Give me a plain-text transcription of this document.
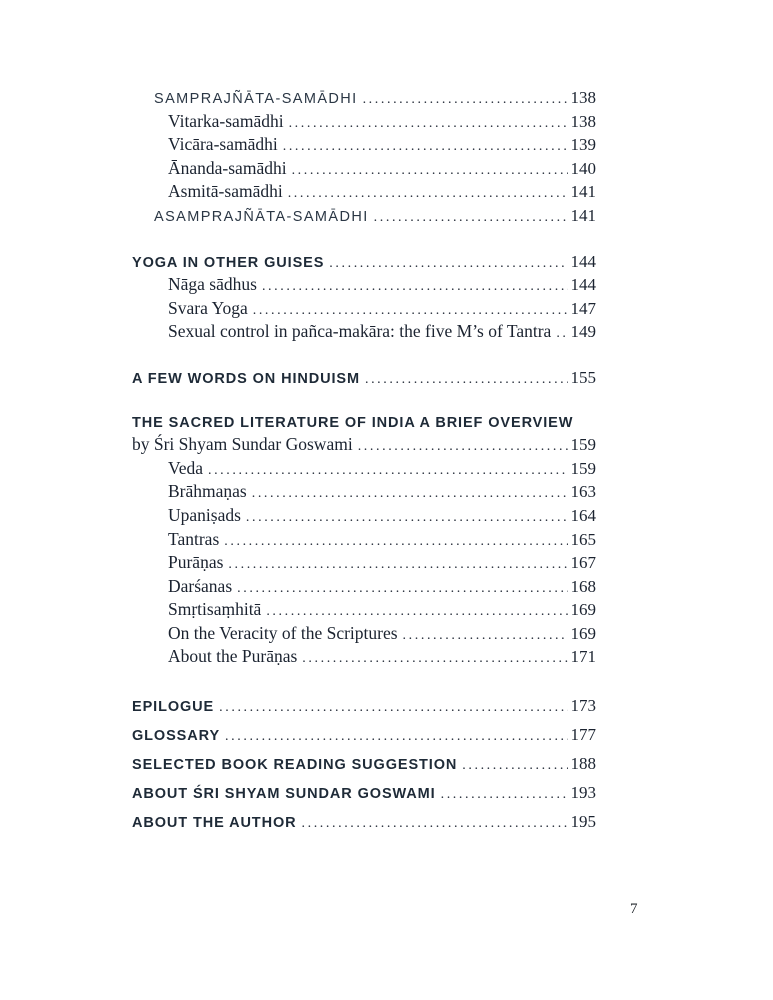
SAMPRAJÑĀTA-SAMĀDHI .....	138
Vitarka-samādhi .....	138
Vicāra-samādhi .....	139
Ānanda-samādhi .....	140
Asmitā-samādhi .....	141
ASAMPRAJÑĀTA-SAMĀDHI .....	141
YOGA IN OTHER GUISES .....	144
Nāga sādhus .....	144
Svara Yoga .....	147
Sexual control in pañca-makāra: the five M’s of Tantra ..... 149
A FEW WORDS ON HINDUISM .....	155
THE SACRED LITERATURE OF INDIA A BRIEF OVERVIEW
by Śri Shyam Sundar Goswami .....	159
Veda .....	159
Brāhmaṇas .....	163
Upaniṣads .....	164
Tantras .....	165
Purāṇas .....	167
Darśanas .....	168
Smṛtisaṃhitā .....	169
On the Veracity of the Scriptures .....	169
About the Purāṇas .....	171
EPILOGUE .....	173
GLOSSARY .....	177
SELECTED BOOK READING SUGGESTION .....	188
ABOUT ŚRI SHYAM SUNDAR GOSWAMI .....	193
ABOUT THE AUTHOR .....	195
7
